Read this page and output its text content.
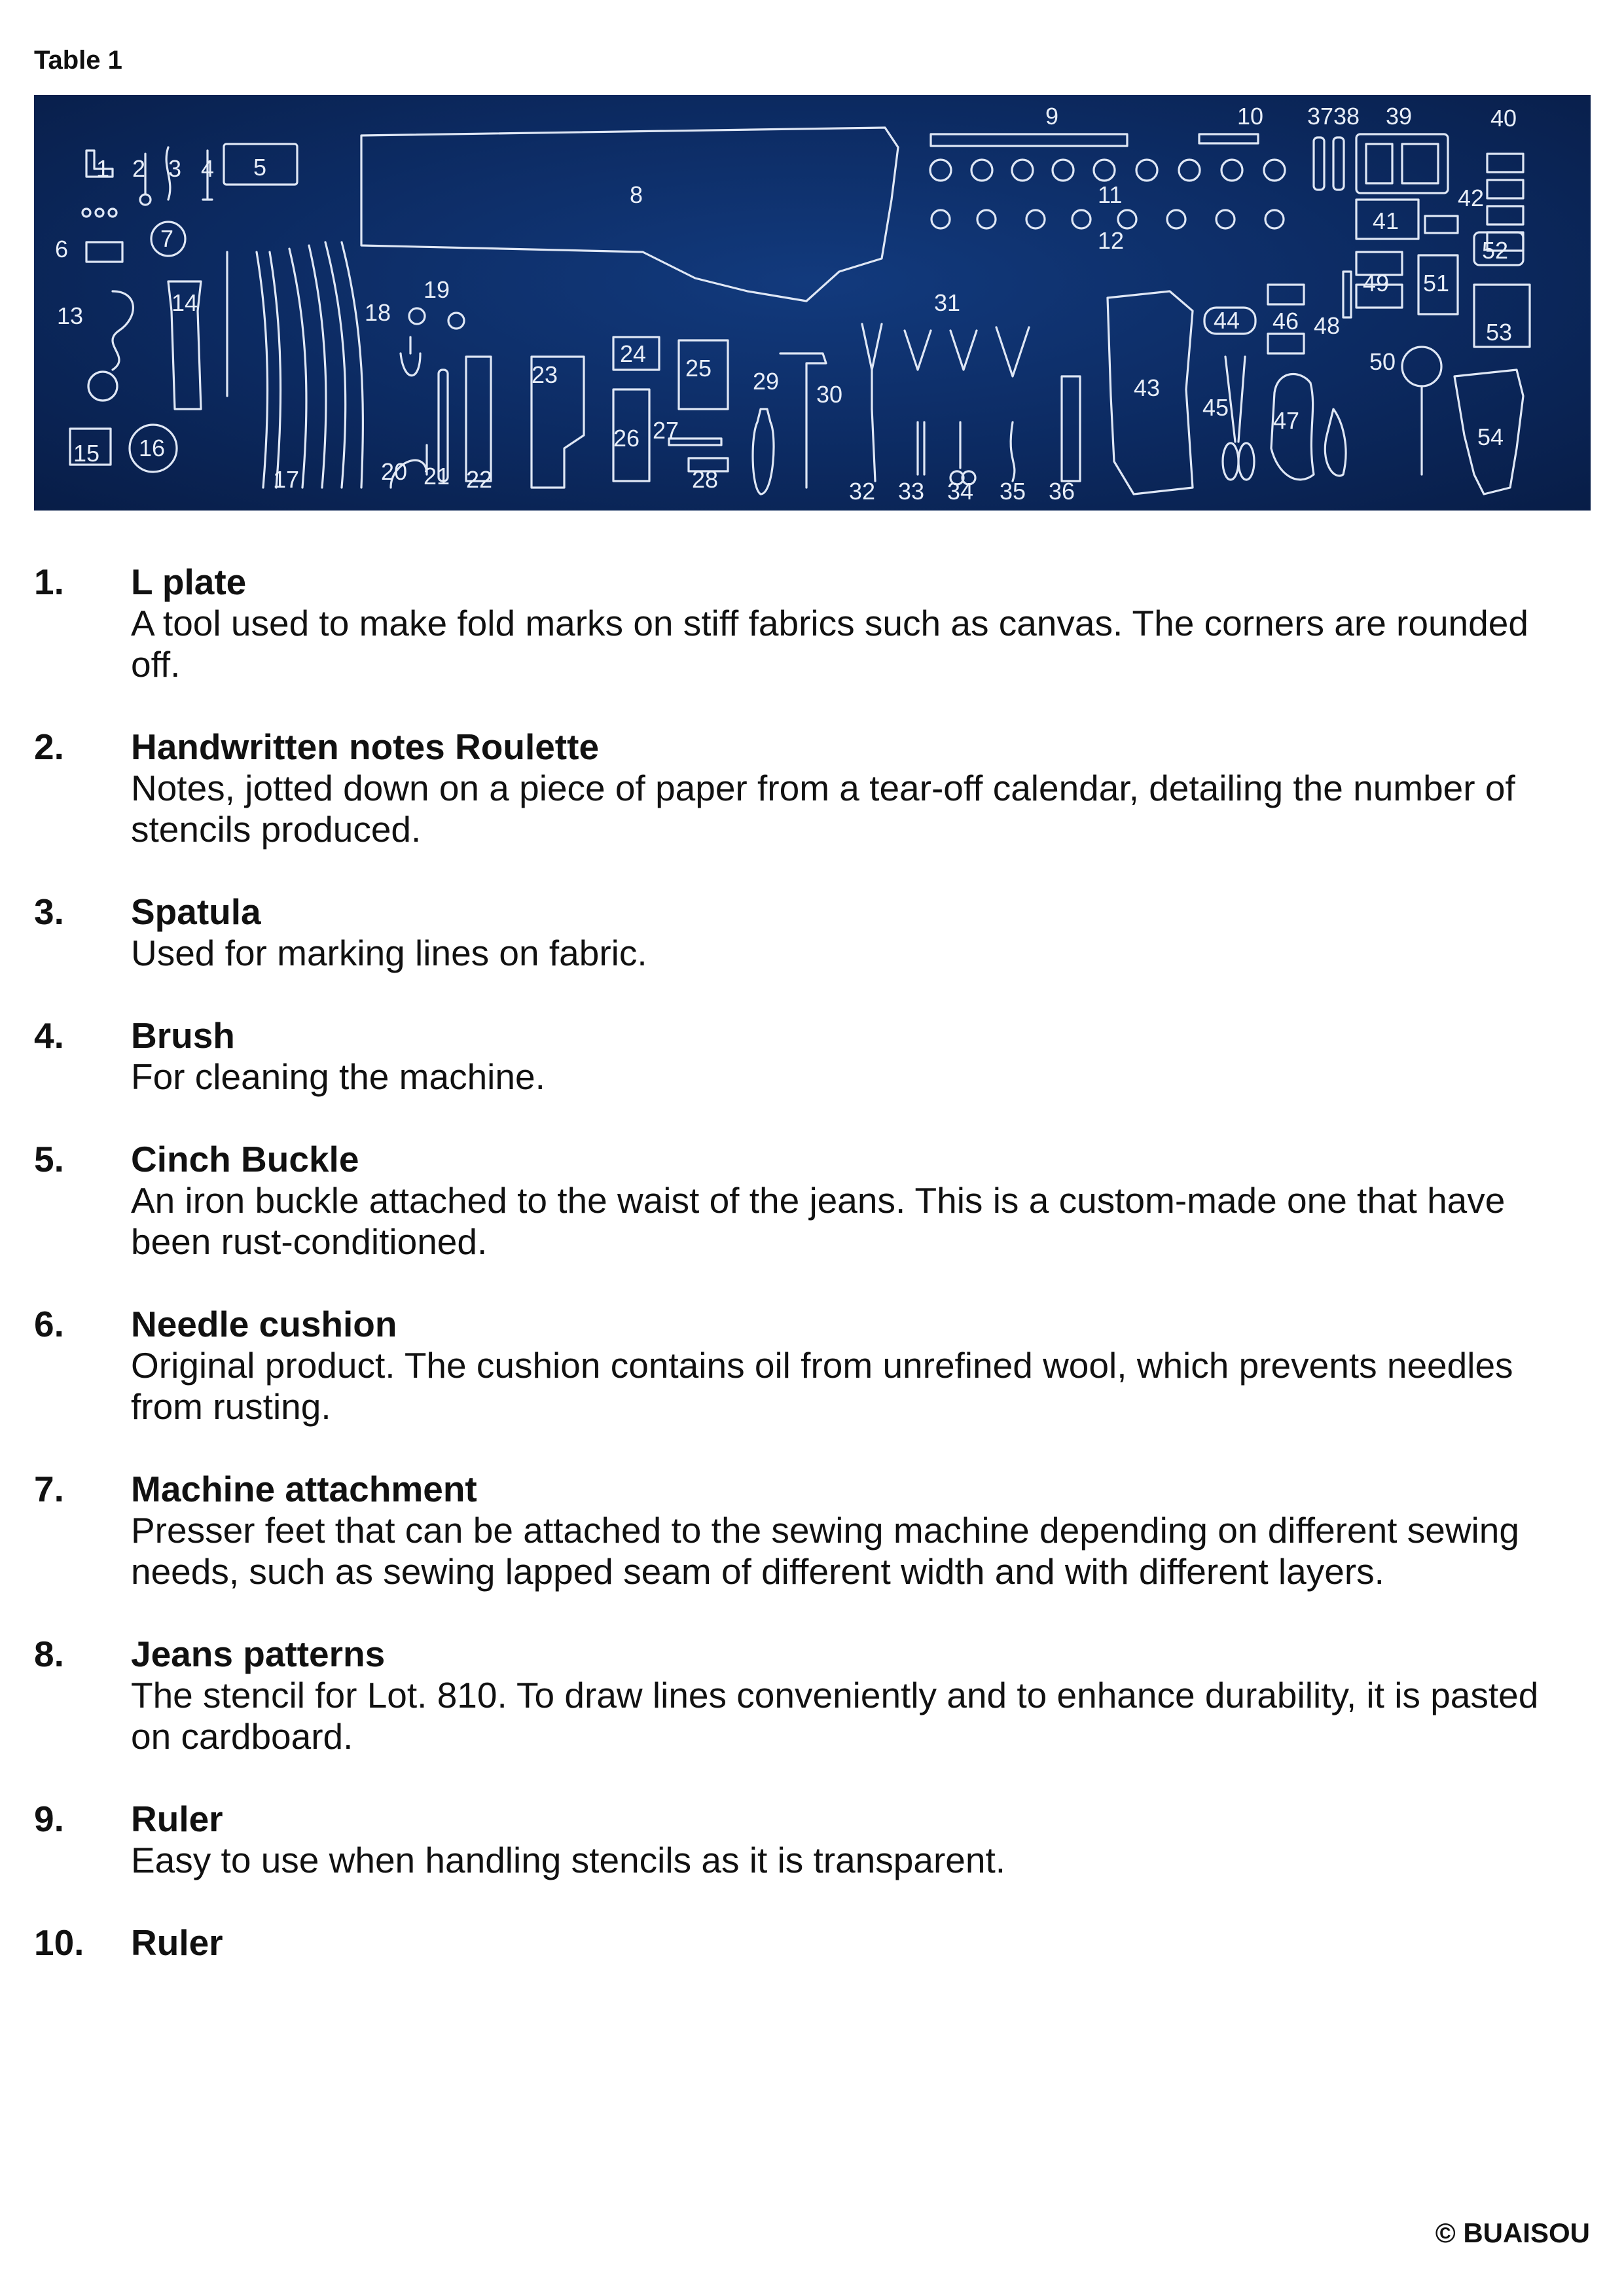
Table 1

1 2 3 4 5
6	7
8
9	10
11
12
13	14
15 16
17
18
19
20 21 22
23
24
25
26 27
28
29 30
31
32 33 34 35 36
37 38 39	40
41
42
43
44
45
46
47
48
49
50
51
52
53
54
1. L plate

A tool used to make fold marks on stiff fabrics such as canvas. The corners are rounded off.

2. Handwritten notes Roulette

Notes, jotted down on a piece of paper from a tear-off calendar, detailing the number of stencils produced.

3. Spatula

Used for marking lines on fabric.

4. Brush

For cleaning the machine.

5. Cinch Buckle

An iron buckle attached to the waist of the jeans. This is a custom-made one that have been rust-conditioned.

6. Needle cushion

Original product. The cushion contains oil from unrefined wool, which prevents needles from rusting.

7. Machine attachment

Presser feet that can be attached to the sewing machine depending on different sewing needs, such as sewing lapped seam of different width and with different layers.

8. Jeans patterns

The stencil for Lot. 810. To draw lines conveniently and to enhance durability, it is pasted on cardboard.

9. Ruler

Easy to use when handling stencils as it is transparent.

10. Ruler

© BUAISOU
